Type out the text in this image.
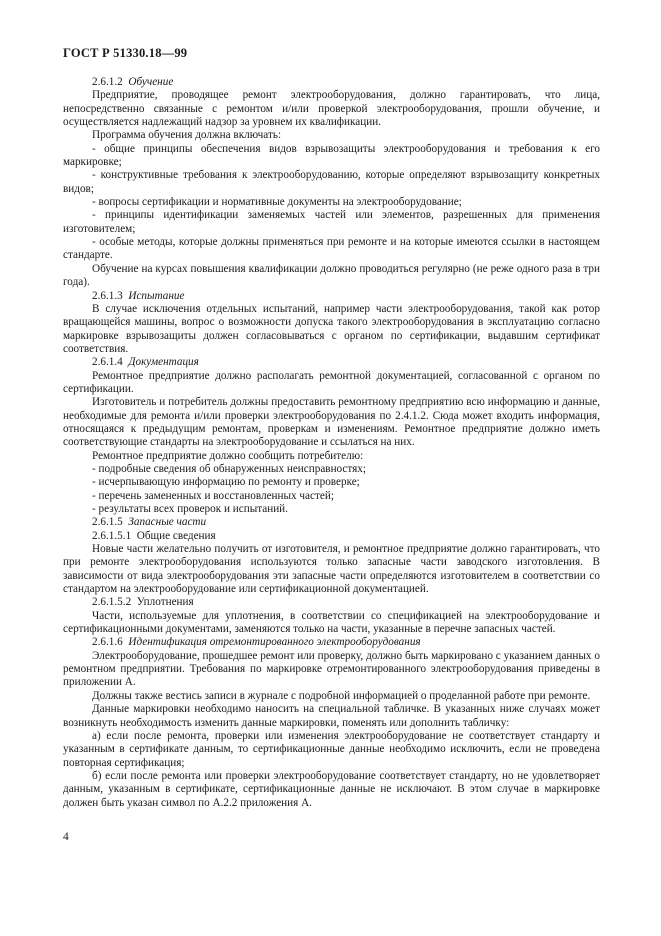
ГОСТ Р 51330.18—99
2.6.1.2 Обучение

Предприятие, проводящее ремонт электрооборудования, должно гарантировать, что лица, непосредственно связанные с ремонтом и/или проверкой электрооборудования, прошли обучение, и осуществляется надлежащий надзор за уровнем их квалификации.

Программа обучения должна включать:

- общие принципы обеспечения видов взрывозащиты электрооборудования и требования к его маркировке;

- конструктивные требования к электрооборудованию, которые определяют взрывозащиту конкретных видов;

- вопросы сертификации и нормативные документы на электрооборудование;

- принципы идентификации заменяемых частей или элементов, разрешенных для применения изготовителем;

- особые методы, которые должны применяться при ремонте и на которые имеются ссылки в настоящем стандарте.

Обучение на курсах повышения квалификации должно проводиться регулярно (не реже одного раза в три года).

2.6.1.3 Испытание

В случае исключения отдельных испытаний, например части электрооборудования, такой как ротор вращающейся машины, вопрос о возможности допуска такого электрооборудования в эксплуатацию согласно маркировке взрывозащиты должен согласовываться с органом по сертификации, выдавшим сертификат соответствия.

2.6.1.4 Документация

Ремонтное предприятие должно располагать ремонтной документацией, согласованной с органом по сертификации.

Изготовитель и потребитель должны предоставить ремонтному предприятию всю информацию и данные, необходимые для ремонта и/или проверки электрооборудования по 2.4.1.2. Сюда может входить информация, относящаяся к предыдущим ремонтам, проверкам и изменениям. Ремонтное предприятие должно иметь соответствующие стандарты на электрооборудование и ссылаться на них.

Ремонтное предприятие должно сообщить потребителю:

- подробные сведения об обнаруженных неисправностях;

- исчерпывающую информацию по ремонту и проверке;

- перечень замененных и восстановленных частей;

- результаты всех проверок и испытаний.

2.6.1.5 Запасные части
2.6.1.5.1 Общие сведения

Новые части желательно получить от изготовителя, и ремонтное предприятие должно гарантировать, что при ремонте электрооборудования используются только запасные части заводского изготовления. В зависимости от вида электрооборудования эти запасные части определяются изготовителем в соответствии со стандартом на электрооборудование или сертификационной документацией.

2.6.1.5.2 Уплотнения

Части, используемые для уплотнения, в соответствии со спецификацией на электрооборудование и сертификационными документами, заменяются только на части, указанные в перечне запасных частей.

2.6.1.6 Идентификация отремонтированного электрооборудования

Электрооборудование, прошедшее ремонт или проверку, должно быть маркировано с указанием данных о ремонтном предприятии. Требования по маркировке отремонтированного электрооборудования приведены в приложении А.

Должны также вестись записи в журнале с подробной информацией о проделанной работе при ремонте.

Данные маркировки необходимо наносить на специальной табличке. В указанных ниже случаях может возникнуть необходимость изменить данные маркировки, поменять или дополнить табличку:

а) если после ремонта, проверки или изменения электрооборудование не соответствует стандарту и указанным в сертификате данным, то сертификационные данные необходимо исключить, если не проведена повторная сертификация;

б) если после ремонта или проверки электрооборудование соответствует стандарту, но не удовлетворяет данным, указанным в сертификате, сертификационные данные не исключают. В этом случае в маркировке должен быть указан символ по А.2.2 приложения А.

4
